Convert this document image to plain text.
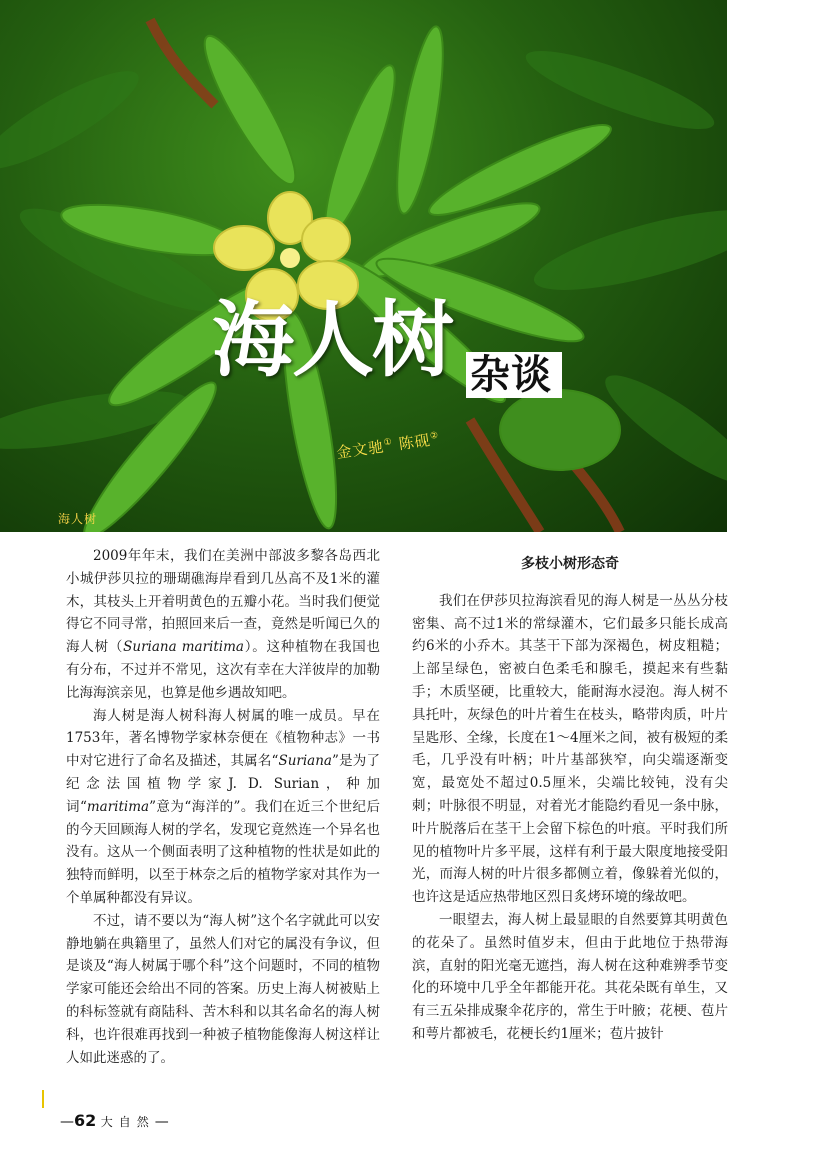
海人树 杂谈
金文驰① 陈砚②
海人树

2009年年末，我们在美洲中部波多黎各岛西北小城伊莎贝拉的珊瑚礁海岸看到几丛高不及1米的灌木，其枝头上开着明黄色的五瓣小花。当时我们便觉得它不同寻常，拍照回来后一查，竟然是听闻已久的海人树（Suriana maritima）。这种植物在我国也有分布，不过并不常见，这次有幸在大洋彼岸的加勒比海海滨亲见，也算是他乡遇故知吧。

海人树是海人树科海人树属的唯一成员。早在1753年，著名博物学家林奈便在《植物种志》一书中对它进行了命名及描述，其属名“Suriana”是为了纪念法国植物学家J. D. Surian，种加词“maritima”意为“海洋的”。我们在近三个世纪后的今天回顾海人树的学名，发现它竟然连一个异名也没有。这从一个侧面表明了这种植物的性状是如此的独特而鲜明，以至于林奈之后的植物学家对其作为一个单属种都没有异议。

不过，请不要以为“海人树”这个名字就此可以安静地躺在典籍里了，虽然人们对它的属没有争议，但是谈及“海人树属于哪个科”这个问题时，不同的植物学家可能还会给出不同的答案。历史上海人树被贴上的科标签就有商陆科、苦木科和以其名命名的海人树科，也许很难再找到一种被子植物能像海人树这样让人如此迷惑的了。

多枝小树形态奇

我们在伊莎贝拉海滨看见的海人树是一丛丛分枝密集、高不过1米的常绿灌木，它们最多只能长成高约6米的小乔木。其茎干下部为深褐色，树皮粗糙；上部呈绿色，密被白色柔毛和腺毛，摸起来有些黏手；木质坚硬，比重较大，能耐海水浸泡。海人树不具托叶，灰绿色的叶片着生在枝头，略带肉质，叶片呈匙形、全缘，长度在1～4厘米之间，被有极短的柔毛，几乎没有叶柄；叶片基部狭窄，向尖端逐渐变宽，最宽处不超过0.5厘米，尖端比较钝，没有尖刺；叶脉很不明显，对着光才能隐约看见一条中脉，叶片脱落后在茎干上会留下棕色的叶痕。平时我们所见的植物叶片多平展，这样有利于最大限度地接受阳光，而海人树的叶片很多都侧立着，像躲着光似的，也许这是适应热带地区烈日炙烤环境的缘故吧。

一眼望去，海人树上最显眼的自然要算其明黄色的花朵了。虽然时值岁末，但由于此地位于热带海滨，直射的阳光毫无遮挡，海人树在这种难辨季节变化的环境中几乎全年都能开花。其花朵既有单生，又有三五朵排成聚伞花序的，常生于叶腋；花梗、苞片和萼片都被毛，花梗长约1厘米；苞片披针

—62 大自然—
